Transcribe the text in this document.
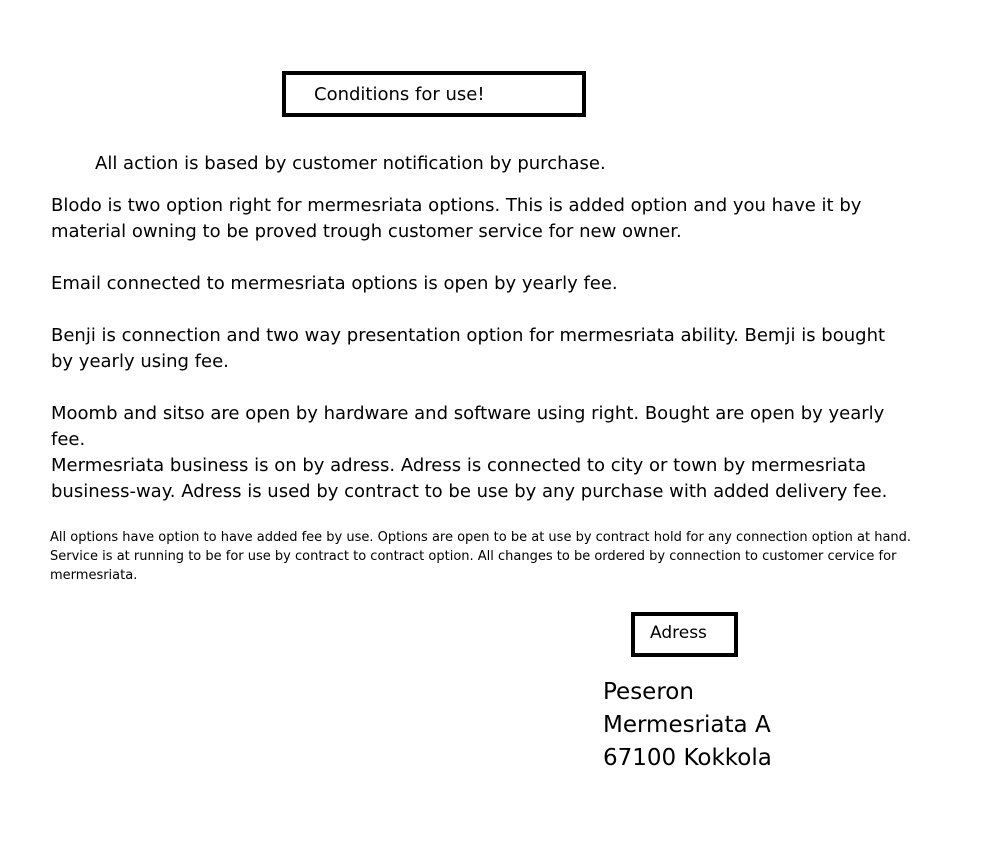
Conditions for use!
All action is based by customer notification by purchase.
Blodo is two option right for mermesriata options. This is added option and you have it by material owning to be proved trough customer service for new owner.
Email connected to mermesriata options is open by yearly fee.
Benji is connection and two way presentation option for mermesriata ability. Bemji is bought by yearly using fee.
Moomb and sitso are open by hardware and software using right. Bought are open by yearly fee.
Mermesriata business is on by adress. Adress is connected to city or town by mermesriata business-way. Adress is used by contract to be use by any purchase with added delivery fee.
All options have option to have added fee by use. Options are open to be at use by contract hold for any connection option at hand. Service is at running to be for use by contract to contract option. All changes to be ordered by connection to customer cervice for mermesriata.
Adress
Peseron
Mermesriata A
67100 Kokkola
